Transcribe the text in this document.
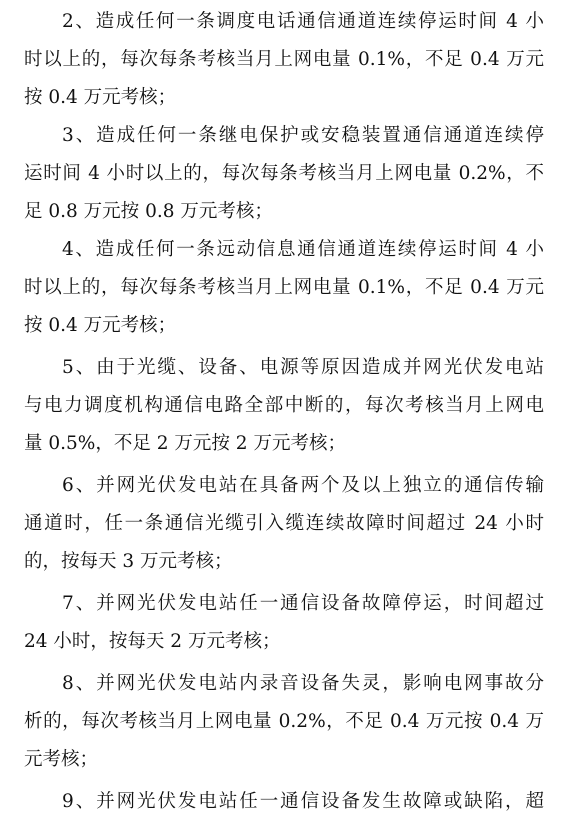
2、造成任何一条调度电话通信通道连续停运时间 4 小
时以上的，每次每条考核当月上网电量 0.1%，不足 0.4 万元
按 0.4 万元考核；
3、造成任何一条继电保护或安稳装置通信通道连续停
运时间 4 小时以上的，每次每条考核当月上网电量 0.2%，不
足 0.8 万元按 0.8 万元考核；
4、造成任何一条远动信息通信通道连续停运时间 4 小
时以上的，每次每条考核当月上网电量 0.1%，不足 0.4 万元
按 0.4 万元考核；
5、由于光缆、设备、电源等原因造成并网光伏发电站
与电力调度机构通信电路全部中断的，每次考核当月上网电
量 0.5%，不足 2 万元按 2 万元考核；
6、并网光伏发电站在具备两个及以上独立的通信传输
通道时，任一条通信光缆引入缆连续故障时间超过 24 小时
的，按每天 3 万元考核；
7、并网光伏发电站任一通信设备故障停运，时间超过
24 小时，按每天 2 万元考核；
8、并网光伏发电站内录音设备失灵，影响电网事故分
析的，每次考核当月上网电量 0.2%，不足 0.4 万元按 0.4 万
元考核；
9、并网光伏发电站任一通信设备发生故障或缺陷，超
